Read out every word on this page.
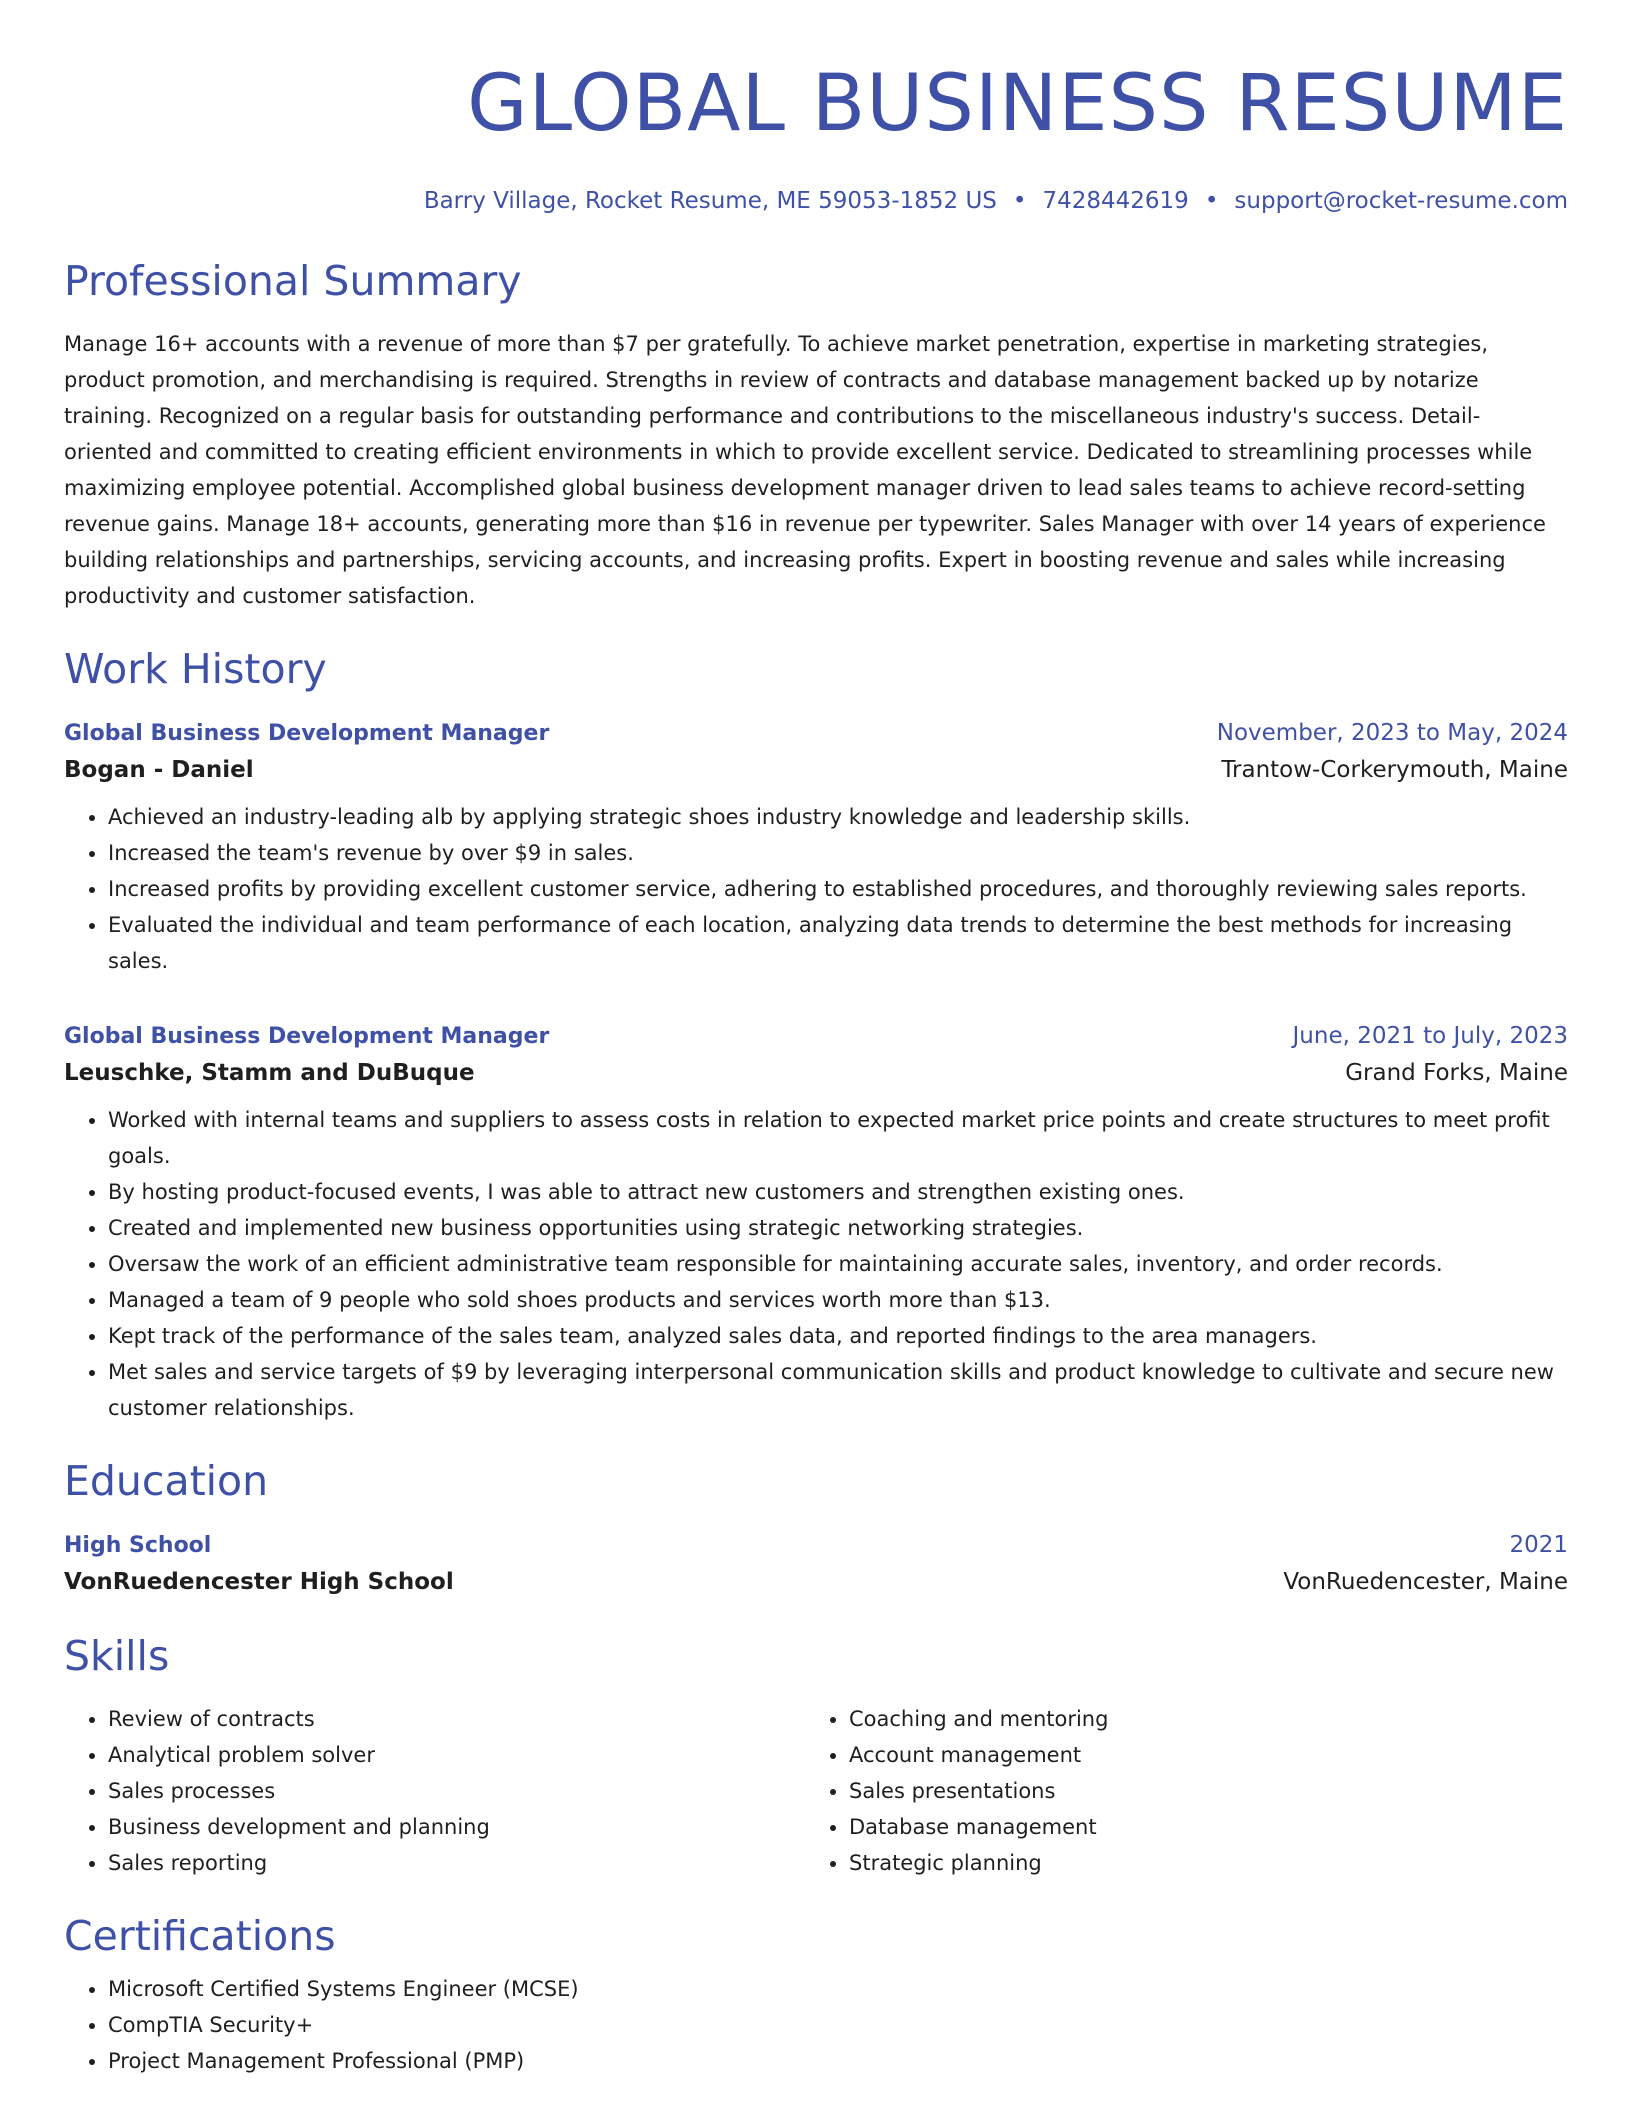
GLOBAL BUSINESS RESUME
Barry Village, Rocket Resume, ME 59053-1852 US • 7428442619 • support@rocket-resume.com
Professional Summary

Manage 16+ accounts with a revenue of more than $7 per gratefully. To achieve market penetration, expertise in marketing strategies, product promotion, and merchandising is required. Strengths in review of contracts and database management backed up by notarize training. Recognized on a regular basis for outstanding performance and contributions to the miscellaneous industry's success. Detail-oriented and committed to creating efficient environments in which to provide excellent service. Dedicated to streamlining processes while maximizing employee potential. Accomplished global business development manager driven to lead sales teams to achieve record-setting revenue gains. Manage 18+ accounts, generating more than $16 in revenue per typewriter. Sales Manager with over 14 years of experience building relationships and partnerships, servicing accounts, and increasing profits. Expert in boosting revenue and sales while increasing productivity and customer satisfaction.

Work History
Global Business Development Manager	November, 2023 to May, 2024
Bogan - Daniel	Trantow-Corkerymouth, Maine
• Achieved an industry-leading alb by applying strategic shoes industry knowledge and leadership skills.
• Increased the team's revenue by over $9 in sales.
• Increased profits by providing excellent customer service, adhering to established procedures, and thoroughly reviewing sales reports.
• Evaluated the individual and team performance of each location, analyzing data trends to determine the best methods for increasing sales.
Global Business Development Manager	June, 2021 to July, 2023
Leuschke, Stamm and DuBuque	Grand Forks, Maine
• Worked with internal teams and suppliers to assess costs in relation to expected market price points and create structures to meet profit goals.
• By hosting product-focused events, I was able to attract new customers and strengthen existing ones.
• Created and implemented new business opportunities using strategic networking strategies.
• Oversaw the work of an efficient administrative team responsible for maintaining accurate sales, inventory, and order records.
• Managed a team of 9 people who sold shoes products and services worth more than $13.
• Kept track of the performance of the sales team, analyzed sales data, and reported findings to the area managers.
• Met sales and service targets of $9 by leveraging interpersonal communication skills and product knowledge to cultivate and secure new customer relationships.
Education
High School	2021
VonRuedencester High School	VonRuedencester, Maine
Skills
• Review of contracts
• Analytical problem solver
• Sales processes
• Business development and planning
• Sales reporting
• Coaching and mentoring
• Account management
• Sales presentations
• Database management
• Strategic planning
Certifications
• Microsoft Certified Systems Engineer (MCSE)
• CompTIA Security+
• Project Management Professional (PMP)
